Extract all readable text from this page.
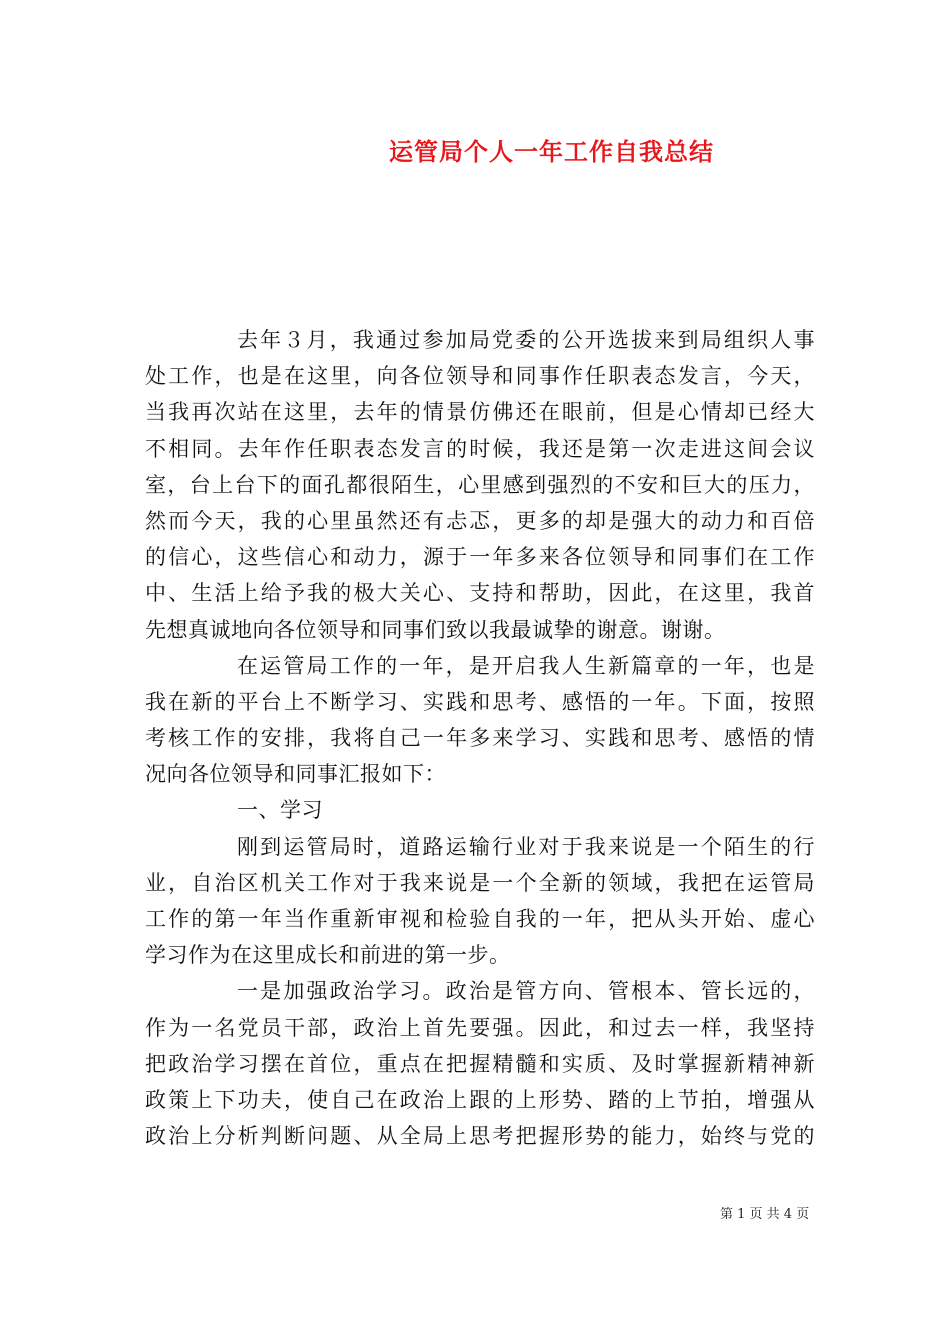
运管局个人一年工作自我总结
去年３月，我通过参加局党委的公开选拔来到局组织人事
处工作，也是在这里，向各位领导和同事作任职表态发言，今天，
当我再次站在这里，去年的情景仿佛还在眼前，但是心情却已经大
不相同。去年作任职表态发言的时候，我还是第一次走进这间会议
室，台上台下的面孔都很陌生，心里感到强烈的不安和巨大的压力，
然而今天，我的心里虽然还有忐忑，更多的却是强大的动力和百倍
的信心，这些信心和动力，源于一年多来各位领导和同事们在工作
中、生活上给予我的极大关心、支持和帮助，因此，在这里，我首
先想真诚地向各位领导和同事们致以我最诚挚的谢意。谢谢。
在运管局工作的一年，是开启我人生新篇章的一年，也是
我在新的平台上不断学习、实践和思考、感悟的一年。下面，按照
考核工作的安排，我将自己一年多来学习、实践和思考、感悟的情
况向各位领导和同事汇报如下：
一、学习
刚到运管局时，道路运输行业对于我来说是一个陌生的行
业，自治区机关工作对于我来说是一个全新的领域，我把在运管局
工作的第一年当作重新审视和检验自我的一年，把从头开始、虚心
学习作为在这里成长和前进的第一步。
一是加强政治学习。政治是管方向、管根本、管长远的，
作为一名党员干部，政治上首先要强。因此，和过去一样，我坚持
把政治学习摆在首位，重点在把握精髓和实质、及时掌握新精神新
政策上下功夫，使自己在政治上跟的上形势、踏的上节拍，增强从
政治上分析判断问题、从全局上思考把握形势的能力，始终与党的
第 1 页 共 4 页
